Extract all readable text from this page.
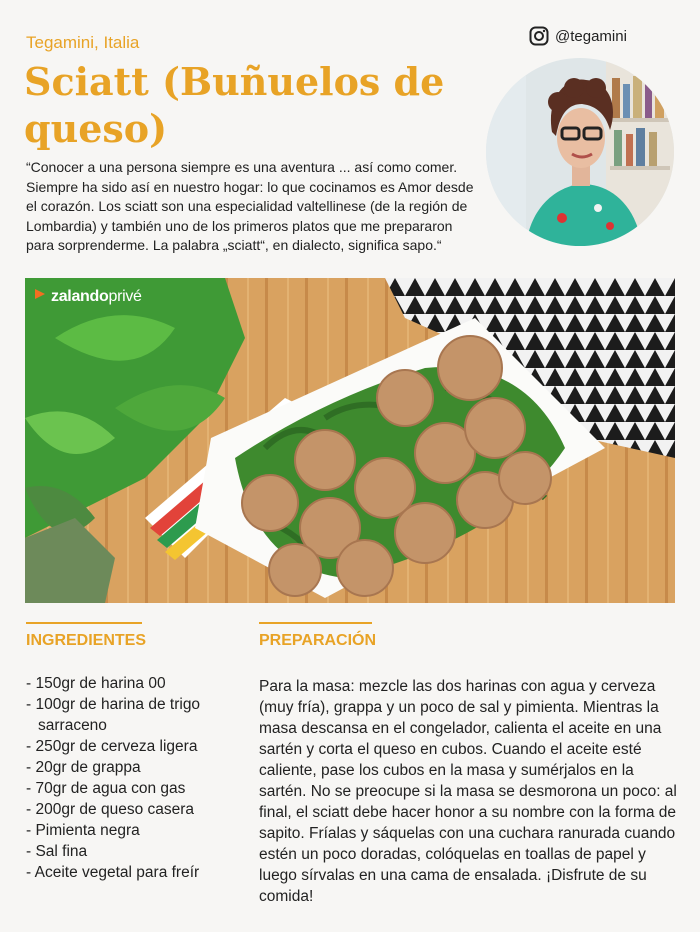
Tegamini, Italia
Sciatt (Buñuelos de queso)
@tegamini

“Conocer a una persona siempre es una aventura ... así como comer. Siempre ha sido así en nuestro hogar: lo que cocinamos es Amor desde el corazón. Los sciatt son una especialidad valtellinese (de la región de Lombardia) y también uno de los primeros platos que me prepararon para sorprenderme. La palabra „sciatt“, en dialecto, significa sapo.“

zalandoprivé
INGREDIENTES	PREPARACIÓN
- 150gr de harina 00
- 100gr de harina de trigo sarraceno
- 250gr de cerveza ligera
- 20gr de grappa
- 70gr de agua con gas
- 200gr de queso casera
- Pimienta negra
- Sal fina
- Aceite vegetal para freír

Para la masa: mezcle las dos harinas con agua y cerveza (muy fría), grappa y un poco de sal y pimienta. Mientras la masa descansa en el congelador, calienta el aceite en una sartén y corta el queso en cubos. Cuando el aceite esté caliente, pase los cubos en la masa y sumérjalos en la sartén. No se preocupe si la masa se desmorona un poco: al final, el sciatt debe hacer honor a su nombre con la forma de sapito. Fríalas y sáquelas con una cuchara ranurada cuando estén un poco doradas, colóquelas en toallas de papel y luego sírvalas en una cama de ensalada. ¡Disfrute de su comida!
